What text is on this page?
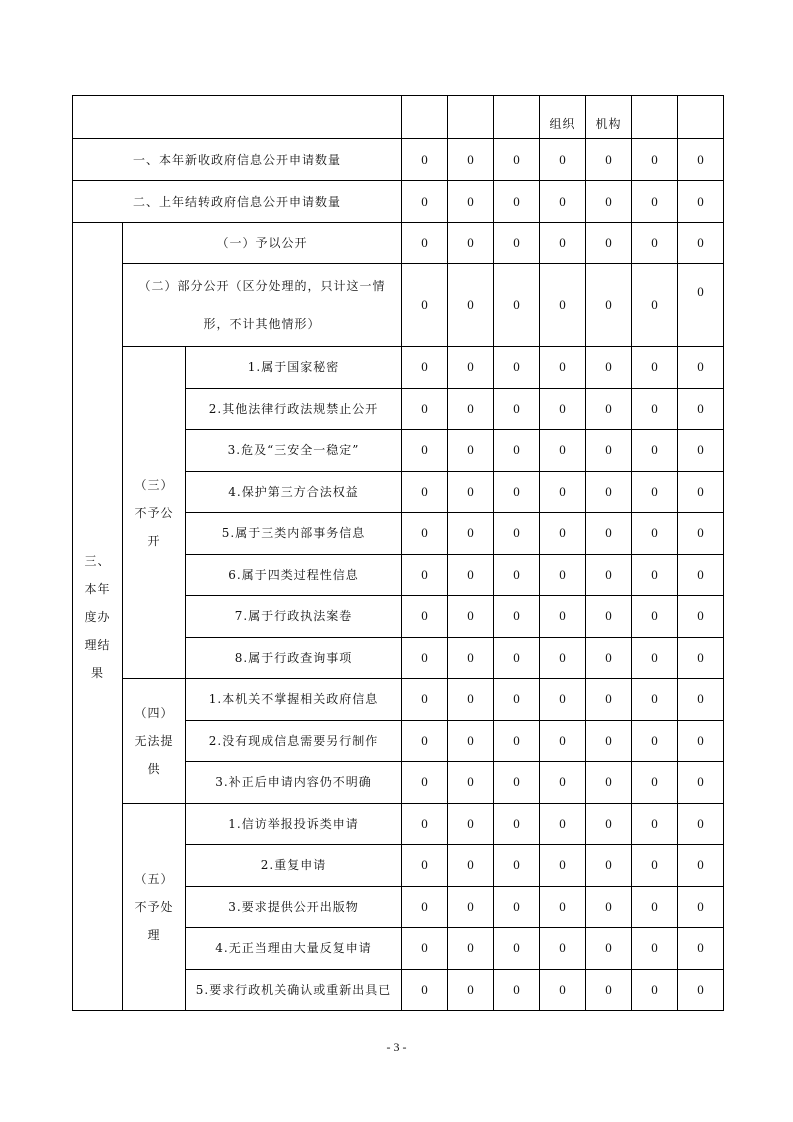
						组织	机构		
一、本年新收政府信息公开申请数量			0	0	0	0	0	0	0
二、上年结转政府信息公开申请数量			0	0	0	0	0	0	0
三、本年度办理结果	（一）予以公开		0	0	0	0	0	0	0
	（二）部分公开（区分处理的，只计这一情形，不计其他情形）		0	0	0	0	0	0	0
	（三）不予公开	1.属于国家秘密	0	0	0	0	0	0	0
		2.其他法律行政法规禁止公开	0	0	0	0	0	0	0
		3.危及“三安全一稳定”	0	0	0	0	0	0	0
		4.保护第三方合法权益	0	0	0	0	0	0	0
		5.属于三类内部事务信息	0	0	0	0	0	0	0
		6.属于四类过程性信息	0	0	0	0	0	0	0
		7.属于行政执法案卷	0	0	0	0	0	0	0
		8.属于行政查询事项	0	0	0	0	0	0	0
	（四）无法提供	1.本机关不掌握相关政府信息	0	0	0	0	0	0	0
		2.没有现成信息需要另行制作	0	0	0	0	0	0	0
		3.补正后申请内容仍不明确	0	0	0	0	0	0	0
	（五）不予处理	1.信访举报投诉类申请	0	0	0	0	0	0	0
		2.重复申请	0	0	0	0	0	0	0
		3.要求提供公开出版物	0	0	0	0	0	0	0
		4.无正当理由大量反复申请	0	0	0	0	0	0	0
		5.要求行政机关确认或重新出具已	0	0	0	0	0	0	0
- 3 -
